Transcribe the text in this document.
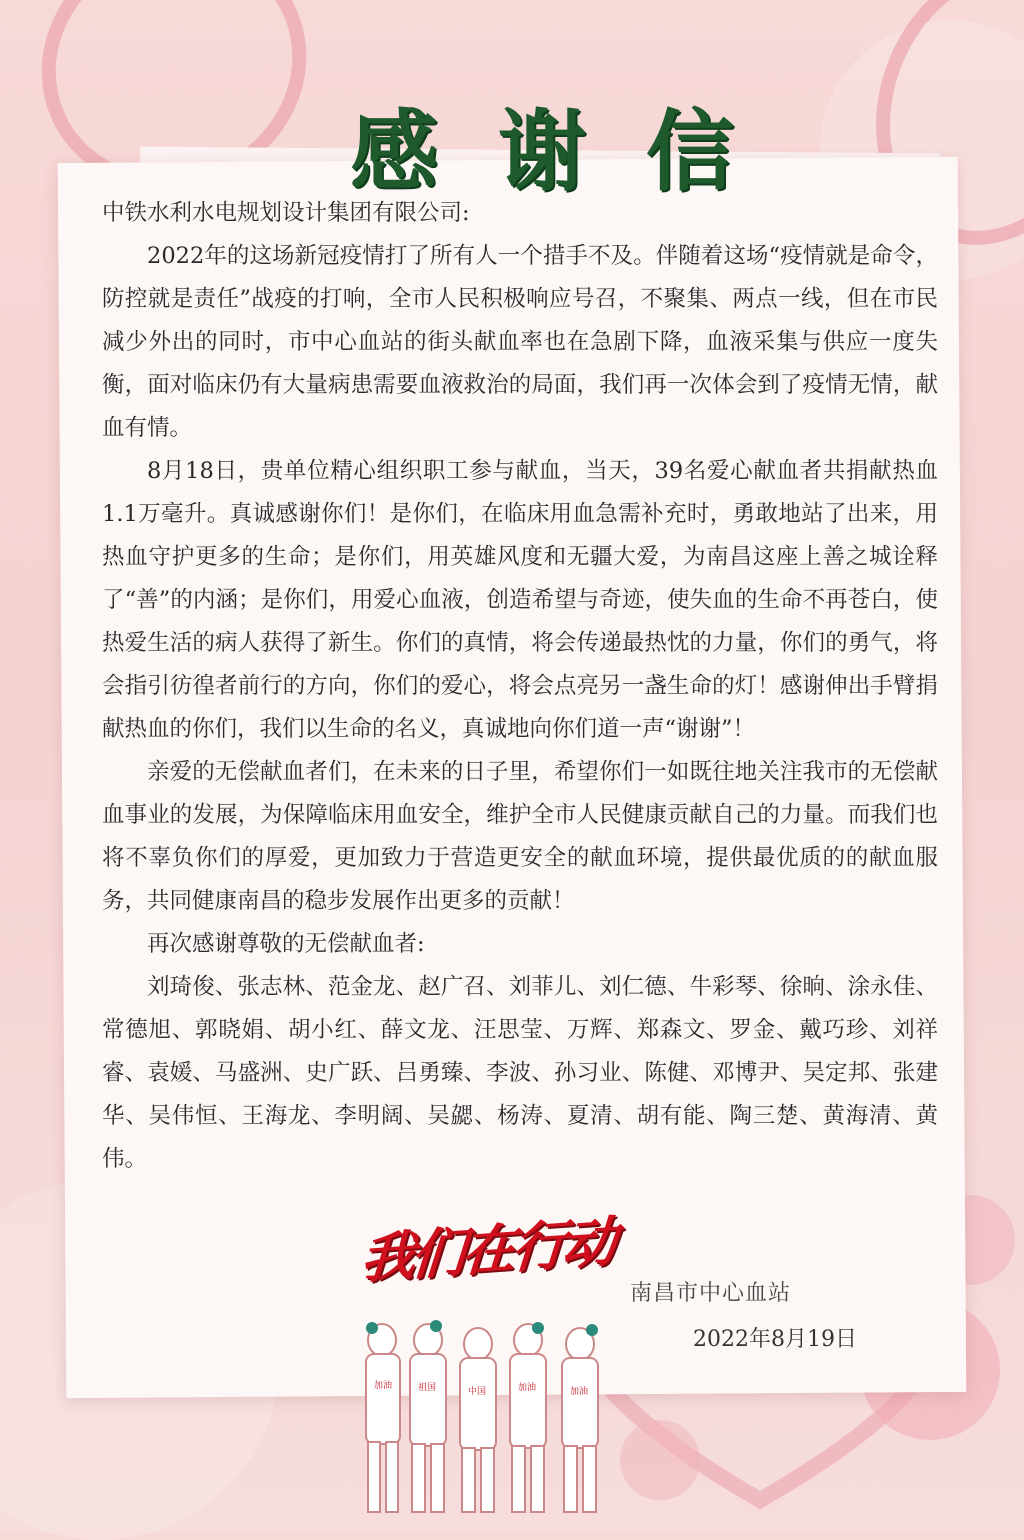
感谢信

中铁水利水电规划设计集团有限公司:

2022年的这场新冠疫情打了所有人一个措手不及。伴随着这场“疫情就是命令，防控就是责任”战疫的打响，全市人民积极响应号召，不聚集、两点一线，但在市民减少外出的同时，市中心血站的街头献血率也在急剧下降，血液采集与供应一度失衡，面对临床仍有大量病患需要血液救治的局面，我们再一次体会到了疫情无情，献血有情。

8月18日，贵单位精心组织职工参与献血，当天，39名爱心献血者共捐献热血1.1万毫升。真诚感谢你们！是你们，在临床用血急需补充时，勇敢地站了出来，用热血守护更多的生命；是你们，用英雄风度和无疆大爱，为南昌这座上善之城诠释了“善”的内涵；是你们，用爱心血液，创造希望与奇迹，使失血的生命不再苍白，使热爱生活的病人获得了新生。你们的真情，将会传递最热忱的力量，你们的勇气，将会指引彷徨者前行的方向，你们的爱心，将会点亮另一盏生命的灯！感谢伸出手臂捐献热血的你们，我们以生命的名义，真诚地向你们道一声“谢谢”！

亲爱的无偿献血者们，在未来的日子里，希望你们一如既往地关注我市的无偿献血事业的发展，为保障临床用血安全，维护全市人民健康贡献自己的力量。而我们也将不辜负你们的厚爱，更加致力于营造更安全的献血环境，提供最优质的的献血服务，共同健康南昌的稳步发展作出更多的贡献！

再次感谢尊敬的无偿献血者:

刘琦俊、张志林、范金龙、赵广召、刘菲儿、刘仁德、牛彩琴、徐晌、涂永佳、常德旭、郭晓娟、胡小红、薛文龙、汪思莹、万辉、郑森文、罗金、戴巧珍、刘祥睿、袁媛、马盛洲、史广跃、吕勇臻、李波、孙习业、陈健、邓博尹、吴定邦、张建华、吴伟恒、王海龙、李明阔、吴勰、杨涛、夏清、胡有能、陶三楚、黄海清、黄伟。

我们在行动
南昌市中心血站
2022年8月19日
加油	祖国	中国	加油	加油
